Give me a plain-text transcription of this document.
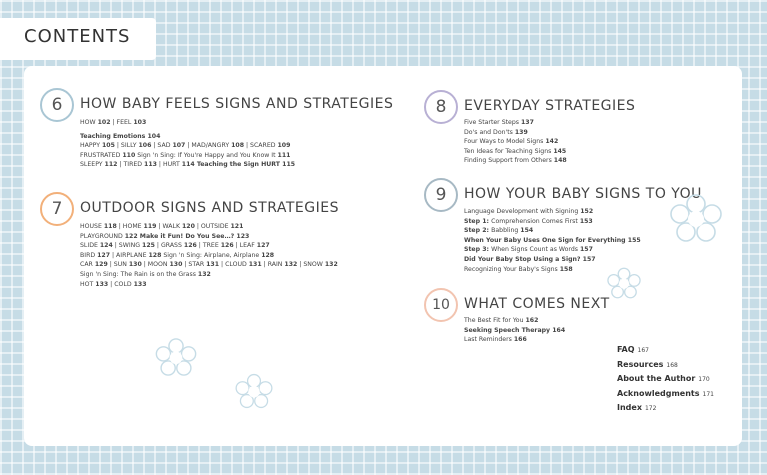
CONTENTS
6	HOW BABY FEELS SIGNS AND STRATEGIES
HOW 102 | FEEL 103
Teaching Emotions 104
HAPPY 105 | SILLY 106 | SAD 107 | MAD/ANGRY 108 | SCARED 109
FRUSTRATED 110 Sign 'n Sing: If You're Happy and You Know It 111
SLEEPY 112 | TIRED 113 | HURT 114 Teaching the Sign HURT 115
7	OUTDOOR SIGNS AND STRATEGIES
HOUSE 118 | HOME 119 | WALK 120 | OUTSIDE 121
PLAYGROUND 122 Make it Fun! Do You See…? 123
SLIDE 124 | SWING 125 | GRASS 126 | TREE 126 | LEAF 127
BIRD 127 | AIRPLANE 128 Sign 'n Sing: Airplane, Airplane 128
CAR 129 | SUN 130 | MOON 130 | STAR 131 | CLOUD 131 | RAIN 132 | SNOW 132
Sign 'n Sing: The Rain is on the Grass 132
HOT 133 | COLD 133
8	EVERYDAY STRATEGIES
Five Starter Steps 137
Do's and Don'ts 139
Four Ways to Model Signs 142
Ten Ideas for Teaching Signs 145
Finding Support from Others 148
9	HOW YOUR BABY SIGNS TO YOU
Language Development with Signing 152
Step 1: Comprehension Comes First 153
Step 2: Babbling 154
When Your Baby Uses One Sign for Everything 155
Step 3: When Signs Count as Words 157
Did Your Baby Stop Using a Sign? 157
Recognizing Your Baby's Signs 158
10	WHAT COMES NEXT
The Best Fit for You 162
Seeking Speech Therapy 164
Last Reminders 166
FAQ 167
Resources 168
About the Author 170
Acknowledgments 171
Index 172
